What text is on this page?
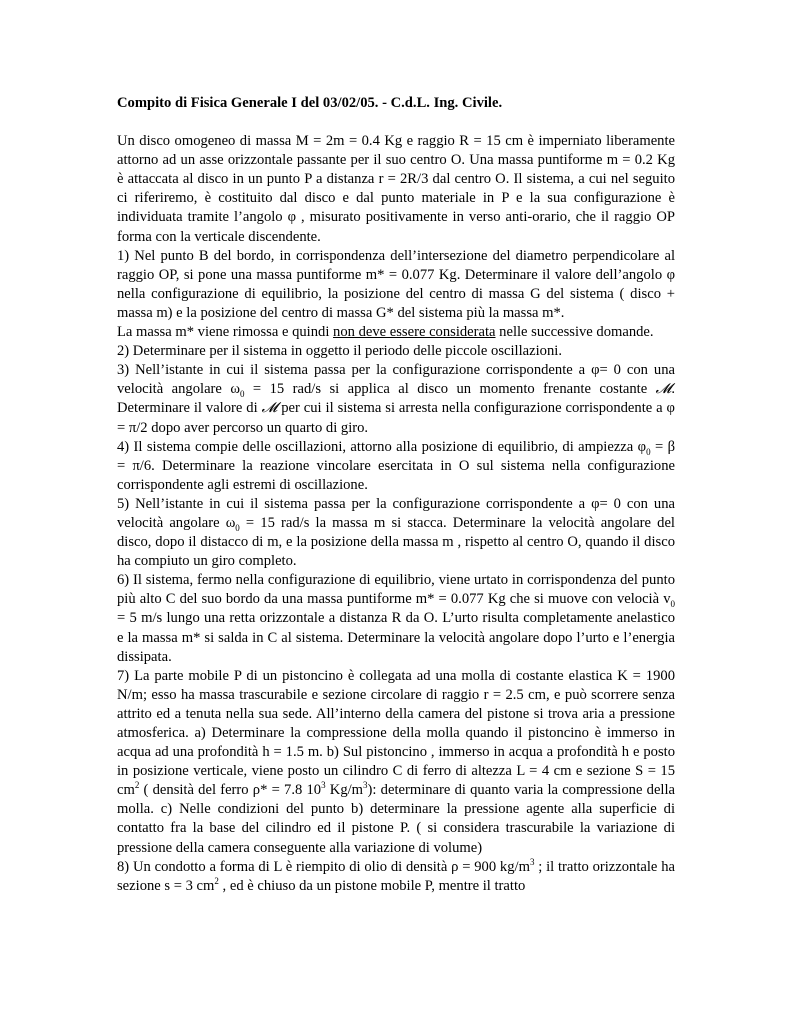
Compito di Fisica Generale I del 03/02/05. - C.d.L. Ing. Civile.

Un disco omogeneo di massa M = 2m = 0.4 Kg e raggio R = 15 cm è imperniato liberamente attorno ad un asse orizzontale passante per il suo centro O. Una massa puntiforme m = 0.2 Kg è attaccata al disco in un punto P a distanza r = 2R/3 dal centro O. Il sistema, a cui nel seguito ci riferiremo, è costituito dal disco e dal punto materiale in P e la sua configurazione è individuata tramite l’angolo φ , misurato positivamente in verso anti-orario, che il raggio OP forma con la verticale discendente.

1) Nel punto B del bordo, in corrispondenza dell’intersezione del diametro perpendicolare al raggio OP, si pone una massa puntiforme m* = 0.077 Kg. Determinare il valore dell’angolo φ nella configurazione di equilibrio, la posizione del centro di massa G del sistema ( disco + massa m) e la posizione del centro di massa G* del sistema più la massa m*.

La massa m* viene rimossa e quindi non deve essere considerata nelle successive domande.

2) Determinare per il sistema in oggetto il periodo delle piccole oscillazioni.

3) Nell’istante in cui il sistema passa per la configurazione corrispondente a φ= 0 con una velocità angolare $\omega_0 = 15$ rad/s si applica al disco un momento frenante costante 𝓜. Determinare il valore di 𝓜 per cui il sistema si arresta nella configurazione corrispondente a φ = π/2 dopo aver percorso un quarto di giro.

4) Il sistema compie delle oscillazioni, attorno alla posizione di equilibrio, di ampiezza $\varphi_0 = \beta = \pi/6$. Determinare la reazione vincolare esercitata in O sul sistema nella configurazione corrispondente agli estremi di oscillazione.

5) Nell’istante in cui il sistema passa per la configurazione corrispondente a φ= 0 con una velocità angolare $\omega_0 = 15$ rad/s la massa m si stacca. Determinare la velocità angolare del disco, dopo il distacco di m, e la posizione della massa m , rispetto al centro O, quando il disco ha compiuto un giro completo.

6) Il sistema, fermo nella configurazione di equilibrio, viene urtato in corrispondenza del punto più alto C del suo bordo da una massa puntiforme m* = 0.077 Kg che si muove con velocià $v_0 = 5$ m/s lungo una retta orizzontale a distanza R da O. L’urto risulta completamente anelastico e la massa m* si salda in C al sistema. Determinare la velocità angolare dopo l’urto e l’energia dissipata.

7) La parte mobile P di un pistoncino è collegata ad una molla di costante elastica K = 1900 N/m; esso ha massa trascurabile e sezione circolare di raggio r = 2.5 cm, e può scorrere senza attrito ed a tenuta nella sua sede. All’interno della camera del pistone si trova aria a pressione atmosferica. a) Determinare la compressione della molla quando il pistoncino è immerso in acqua ad una profondità h = 1.5 m. b) Sul pistoncino , immerso in acqua a profondità h e posto in posizione verticale, viene posto un cilindro C di ferro di altezza L = 4 cm e sezione S = 15 $cm^2$ ( densità del ferro ρ* = 7.8 $10^3$ $Kg/m^3$): determinare di quanto varia la compressione della molla. c) Nelle condizioni del punto b) determinare la pressione agente alla superficie di contatto fra la base del cilindro ed il pistone P. ( si considera trascurabile la variazione di pressione della camera conseguente alla variazione di volume)

8) Un condotto a forma di L è riempito di olio di densità ρ = 900 $kg/m^3$ ; il tratto orizzontale ha sezione s = 3 $cm^2$ , ed è chiuso da un pistone mobile P, mentre il tratto
